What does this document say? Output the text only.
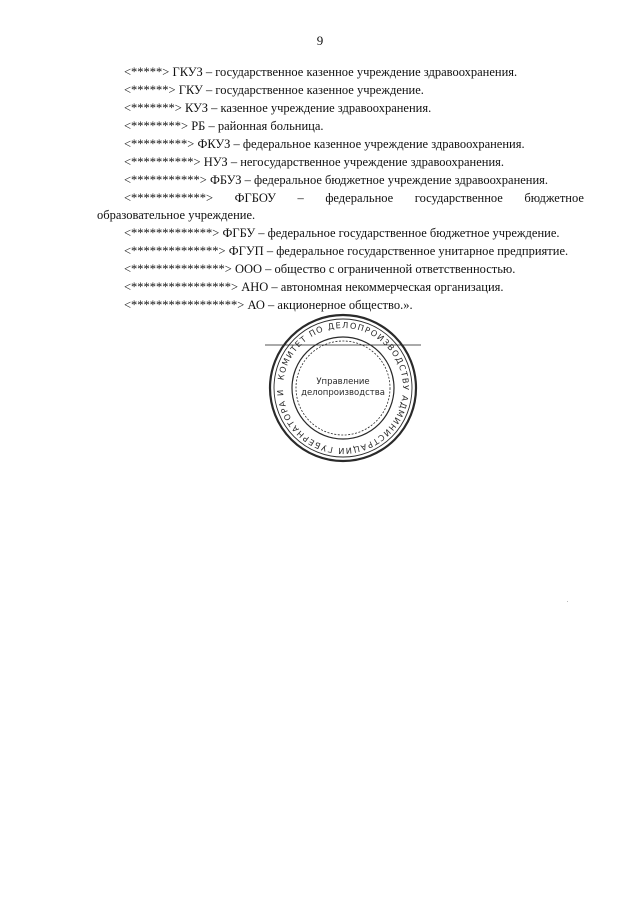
9
<*****> ГКУЗ – государственное казенное учреждение здравоохранения.
<******> ГКУ – государственное казенное учреждение.
<*******> КУЗ – казенное учреждение здравоохранения.
<********> РБ – районная больница.
<*********> ФКУЗ – федеральное казенное учреждение здравоохранения.
<**********> НУЗ – негосударственное учреждение здравоохранения.
<***********> ФБУЗ – федеральное бюджетное учреждение здравоохранения.
<************> ФГБОУ – федеральное государственное бюджетное
образовательное учреждение.
<*************> ФГБУ – федеральное государственное бюджетное учреждение.
<**************> ФГУП – федеральное государственное унитарное предприятие.
<***************> ООО – общество с ограниченной ответственностью.
<****************> АНО – автономная некоммерческая организация.
<*****************> АО – акционерное общество.».
КОМИТЕТ ПО ДЕЛОПРОИЗВОДСТВУ АДМИНИСТРАЦИИ ГУБЕРНАТОРА И
Управление
делопроизводства
